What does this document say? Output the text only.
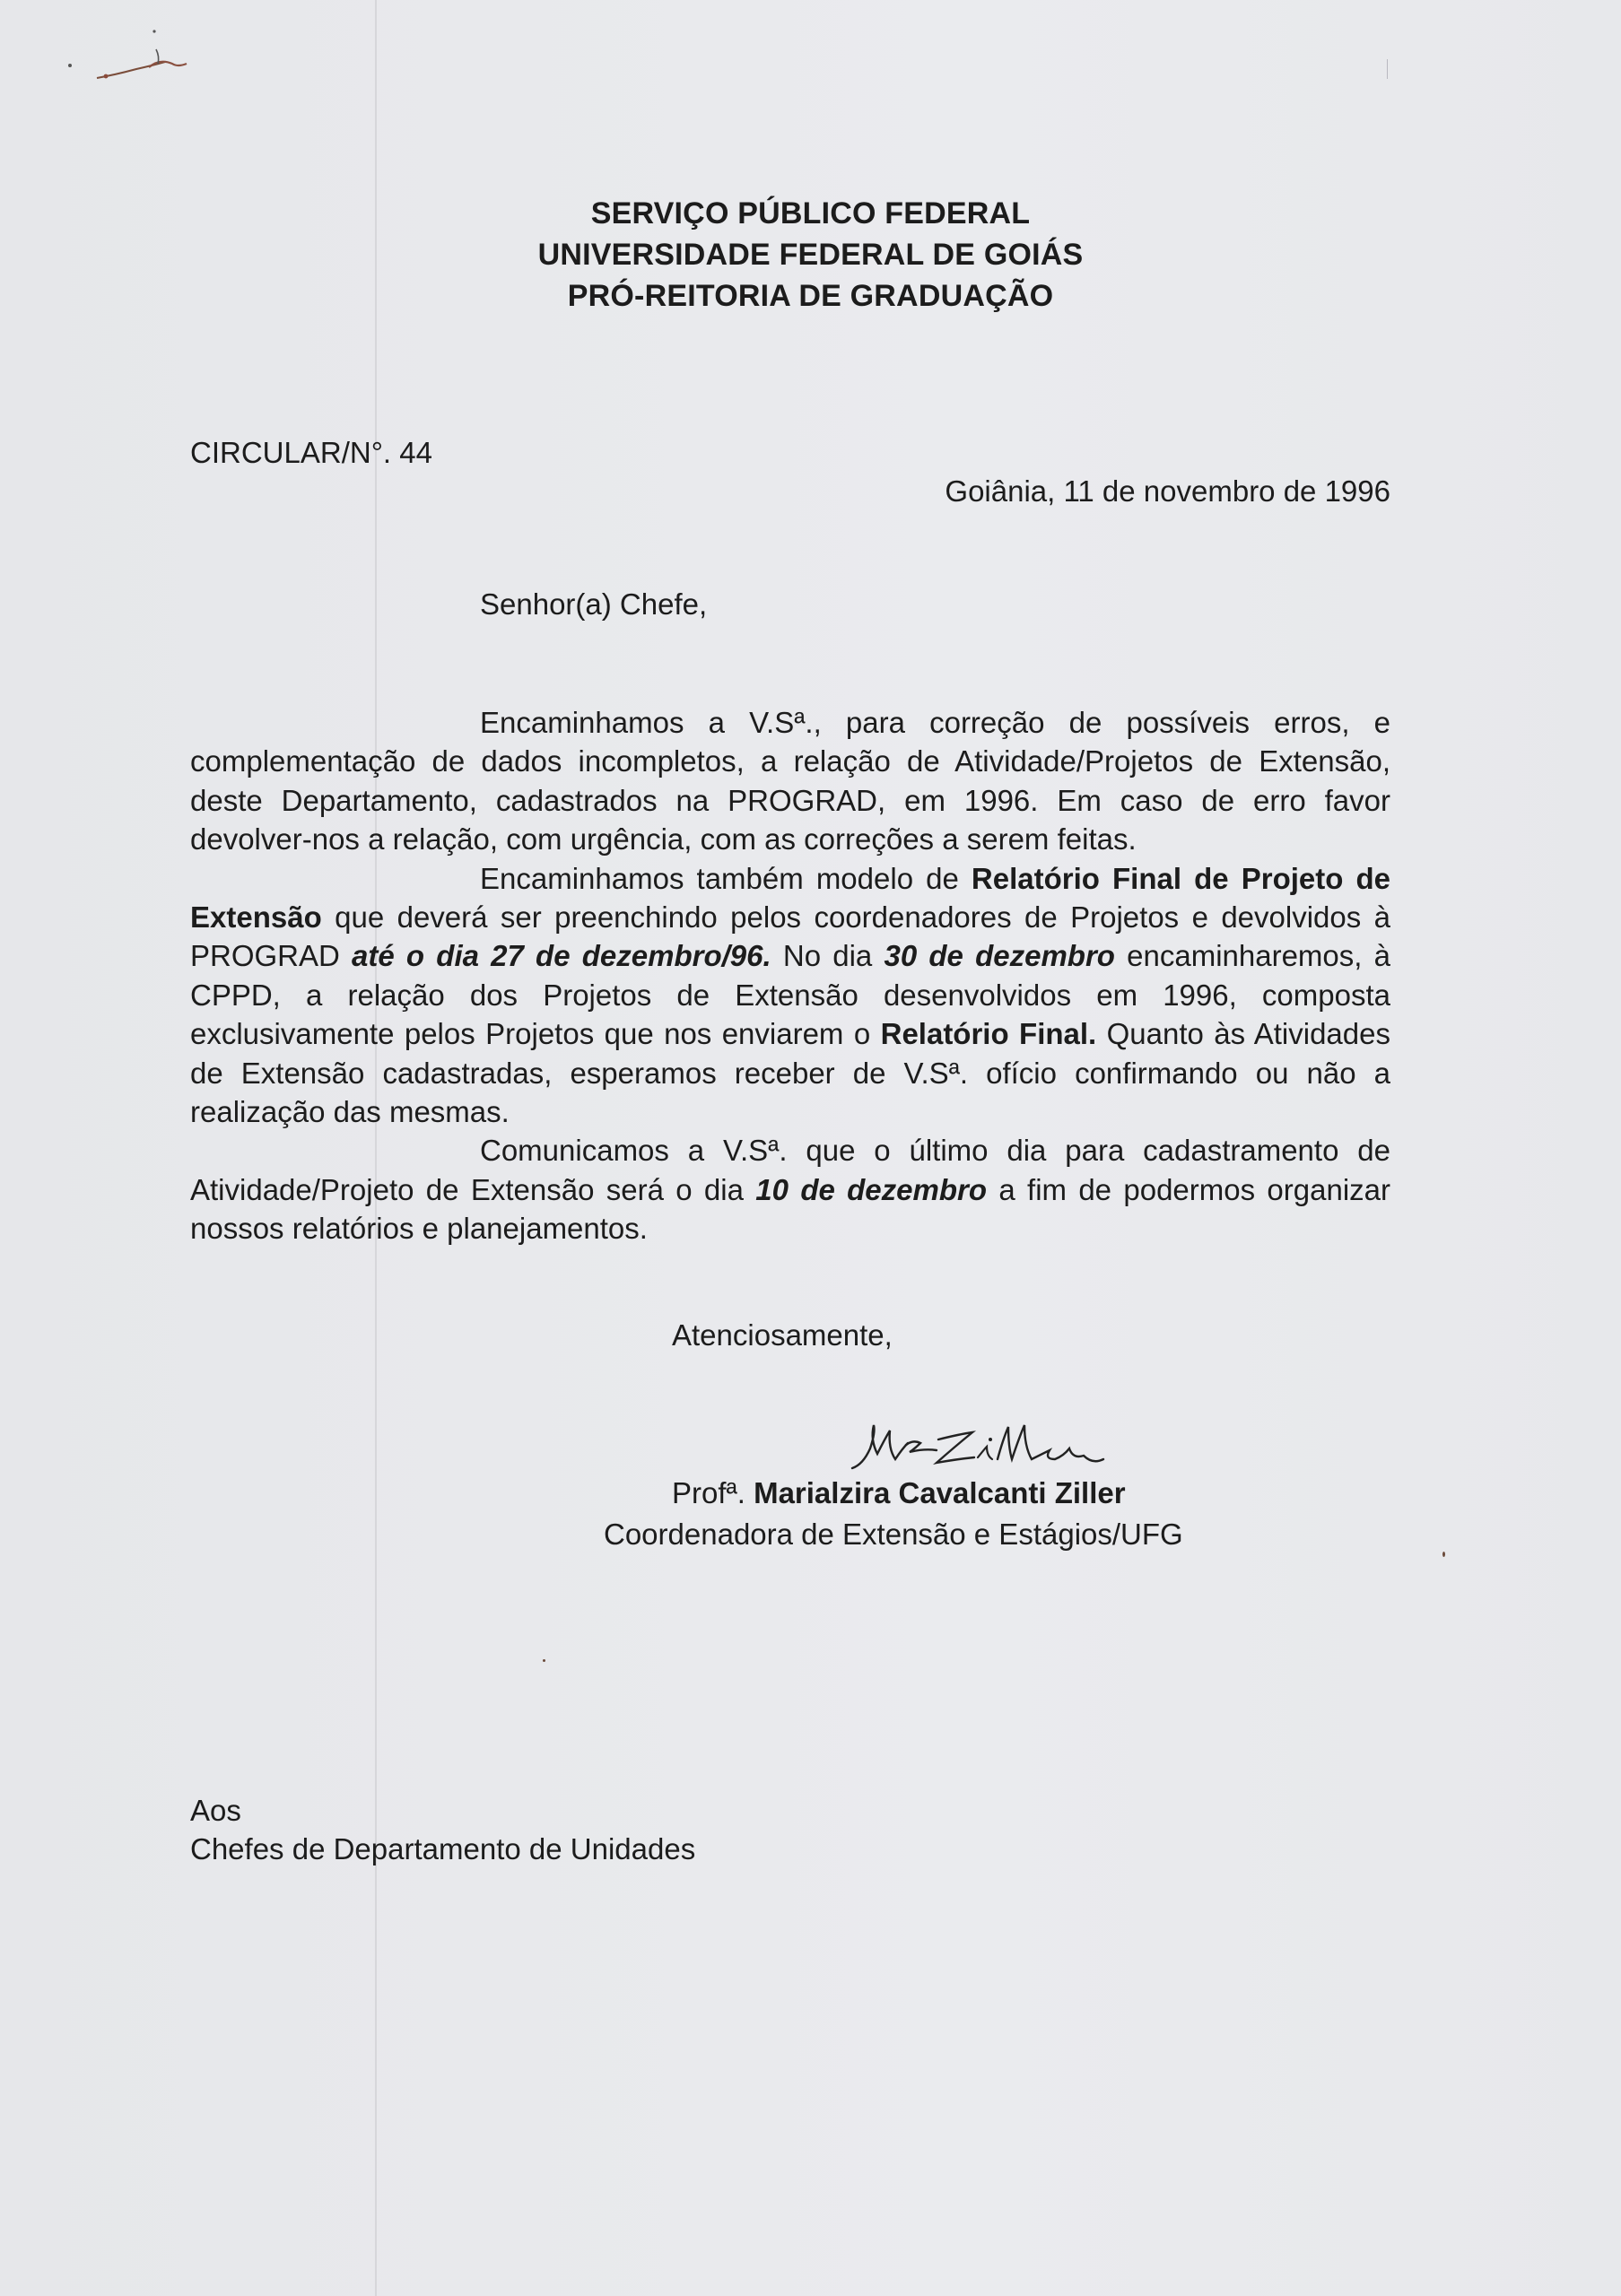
SERVIÇO PÚBLICO FEDERAL
UNIVERSIDADE FEDERAL DE GOIÁS
PRÓ-REITORIA DE GRADUAÇÃO
CIRCULAR/N°. 44
Goiânia, 11 de novembro de 1996
Senhor(a) Chefe,

Encaminhamos a V.Sª., para correção de possíveis erros, e complementação de dados incompletos, a relação de Atividade/Projetos de Extensão, deste Departamento, cadastrados na PROGRAD, em 1996. Em caso de erro favor devolver-nos a relação, com urgência, com as correções a serem feitas.

Encaminhamos também modelo de Relatório Final de Projeto de Extensão que deverá ser preenchindo pelos coordenadores de Projetos e devolvidos à PROGRAD até o dia 27 de dezembro/96. No dia 30 de dezembro encaminharemos, à CPPD, a relação dos Projetos de Extensão desenvolvidos em 1996, composta exclusivamente pelos Projetos que nos enviarem o Relatório Final. Quanto às Atividades de Extensão cadastradas, esperamos receber de V.Sª. ofício confirmando ou não a realização das mesmas.

Comunicamos a V.Sª. que o último dia para cadastramento de Atividade/Projeto de Extensão será o dia 10 de dezembro a fim de podermos organizar nossos relatórios e planejamentos.

Atenciosamente,
Profª. Marialzira Cavalcanti Ziller
Coordenadora de Extensão e Estágios/UFG
Aos
Chefes de Departamento de Unidades
